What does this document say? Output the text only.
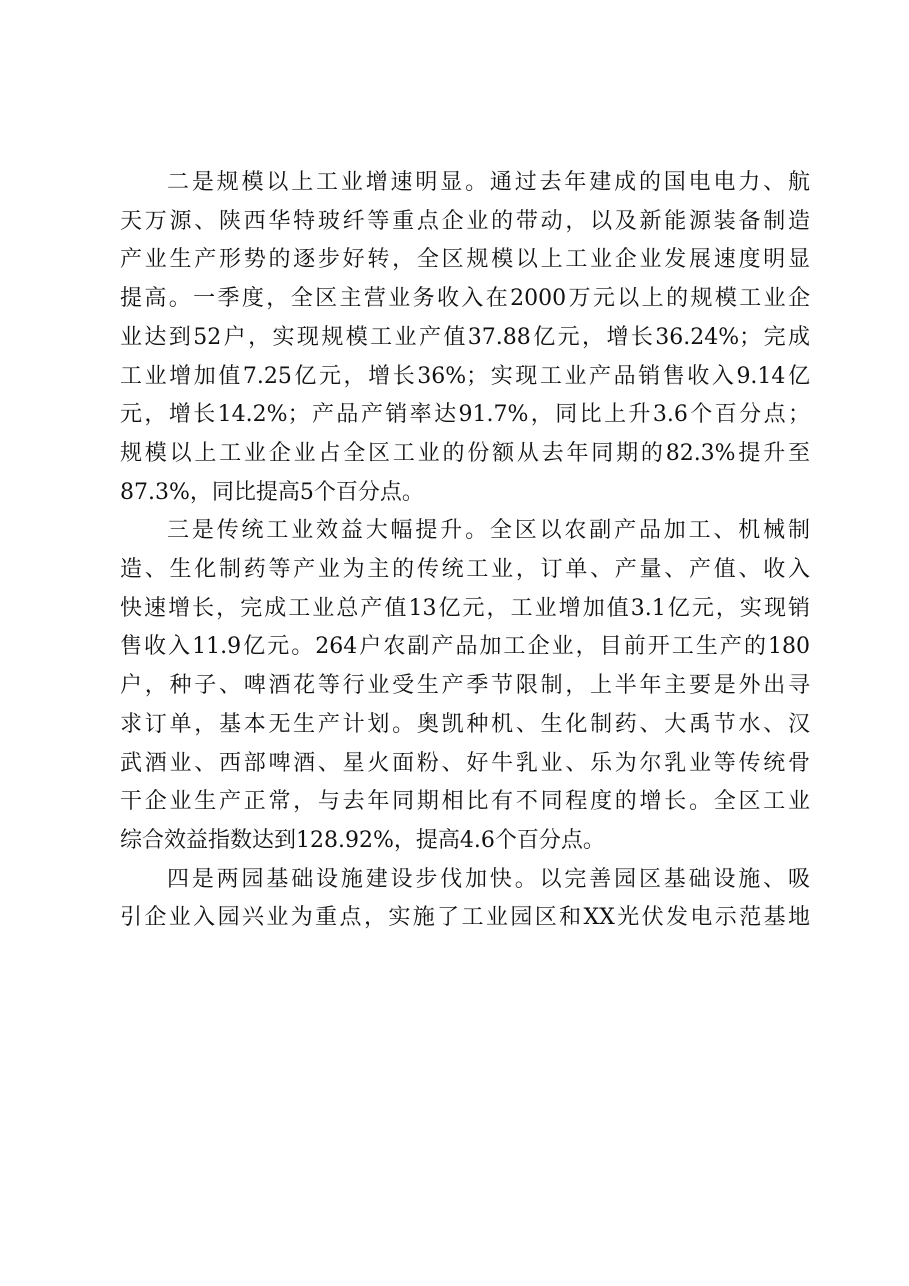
二是规模以上工业增速明显。通过去年建成的国电电力、航
天万源、陕西华特玻纤等重点企业的带动，以及新能源装备制造
产业生产形势的逐步好转，全区规模以上工业企业发展速度明显
提高。一季度，全区主营业务收入在2000万元以上的规模工业企
业达到52户，实现规模工业产值37.88亿元，增长36.24%；完成
工业增加值7.25亿元，增长36%；实现工业产品销售收入9.14亿
元，增长14.2%；产品产销率达91.7%，同比上升3.6个百分点；
规模以上工业企业占全区工业的份额从去年同期的82.3%提升至
87.3%，同比提高5个百分点。
三是传统工业效益大幅提升。全区以农副产品加工、机械制
造、生化制药等产业为主的传统工业，订单、产量、产值、收入
快速增长，完成工业总产值13亿元，工业增加值3.1亿元，实现销
售收入11.9亿元。264户农副产品加工企业，目前开工生产的180
户，种子、啤酒花等行业受生产季节限制，上半年主要是外出寻
求订单，基本无生产计划。奥凯种机、生化制药、大禹节水、汉
武酒业、西部啤酒、星火面粉、好牛乳业、乐为尔乳业等传统骨
干企业生产正常，与去年同期相比有不同程度的增长。全区工业
综合效益指数达到128.92%，提高4.6个百分点。
四是两园基础设施建设步伐加快。以完善园区基础设施、吸
引企业入园兴业为重点，实施了工业园区和XX光伏发电示范基地
